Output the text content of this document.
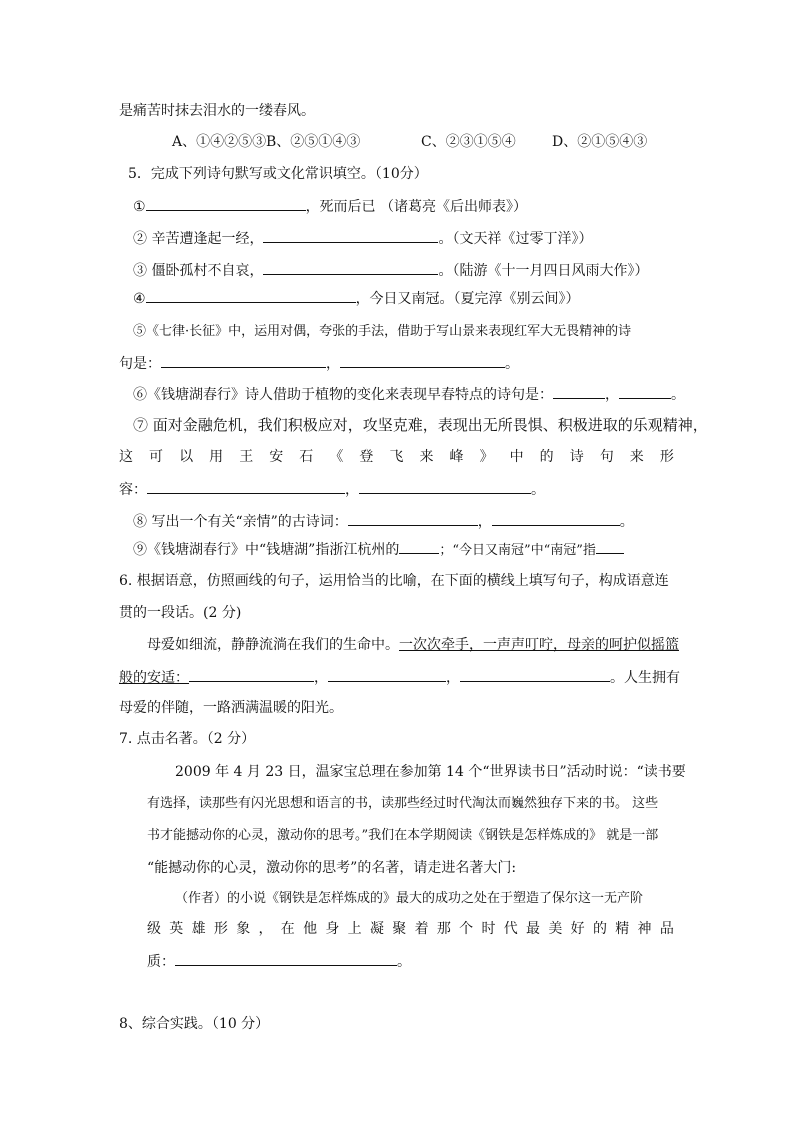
是痛苦时抹去泪水的一缕春风。
A、①④②⑤③ B、②⑤①④③	C、②③①⑤④	D、②①⑤④③
5．完成下列诗句默写或文化常识填空。（10分）
①	，死而后已 （诸葛亮《后出师表》）
② 辛苦遭逢起一经，	。（文天祥《过零丁洋》）
③ 僵卧孤村不自哀，	。（陆游《十一月四日风雨大作》）
④	，今日又南冠。（夏完淳《别云间》）
⑤《七律·长征》中，运用对偶，夸张的手法，借助于写山景来表现红军大无畏精神的诗
句是：	，	。
⑥《钱塘湖春行》诗人借助于植物的变化来表现早春特点的诗句是：	，	。
⑦ 面对金融危机，我们积极应对，攻坚克难，表现出无所畏惧、积极进取的乐观精神，
这 可 以 用 王 安 石 《 登 飞 来 峰 》 中 的 诗 句 来 形
容：	，	。
⑧ 写出一个有关“亲情”的古诗词：	，	。
⑨《钱塘湖春行》中“钱塘湖”指浙江杭州的	；“今日又南冠”中“南冠”指
6. 根据语意，仿照画线的句子，运用恰当的比喻，在下面的横线上填写句子，构成语意连
贯的一段话。(2 分)
母爱如细流，静静流淌在我们的生命中。一次次牵手，一声声叮咛，母亲的呵护似摇篮
般的安适：	，	，	。人生拥有
母爱的伴随，一路洒满温暖的阳光。
7. 点击名著。（2 分）
2009 年 4 月 23 日，温家宝总理在参加第 14 个“世界读书日”活动时说：“读书要
有选择，读那些有闪光思想和语言的书，读那些经过时代淘汰而巍然独存下来的书。 这些
书才能撼动你的心灵，激动你的思考。”我们在本学期阅读《钢铁是怎样炼成的》 就是一部
“能撼动你的心灵，激动你的思考”的名著，请走进名著大门:
（作者）的小说《钢铁是怎样炼成的》最大的成功之处在于塑造了保尔这一无产阶
级 英 雄 形 象 ， 在 他 身 上 凝 聚 着 那 个 时 代 最 美 好 的 精 神 品
质：	。
8、综合实践。（10 分）
